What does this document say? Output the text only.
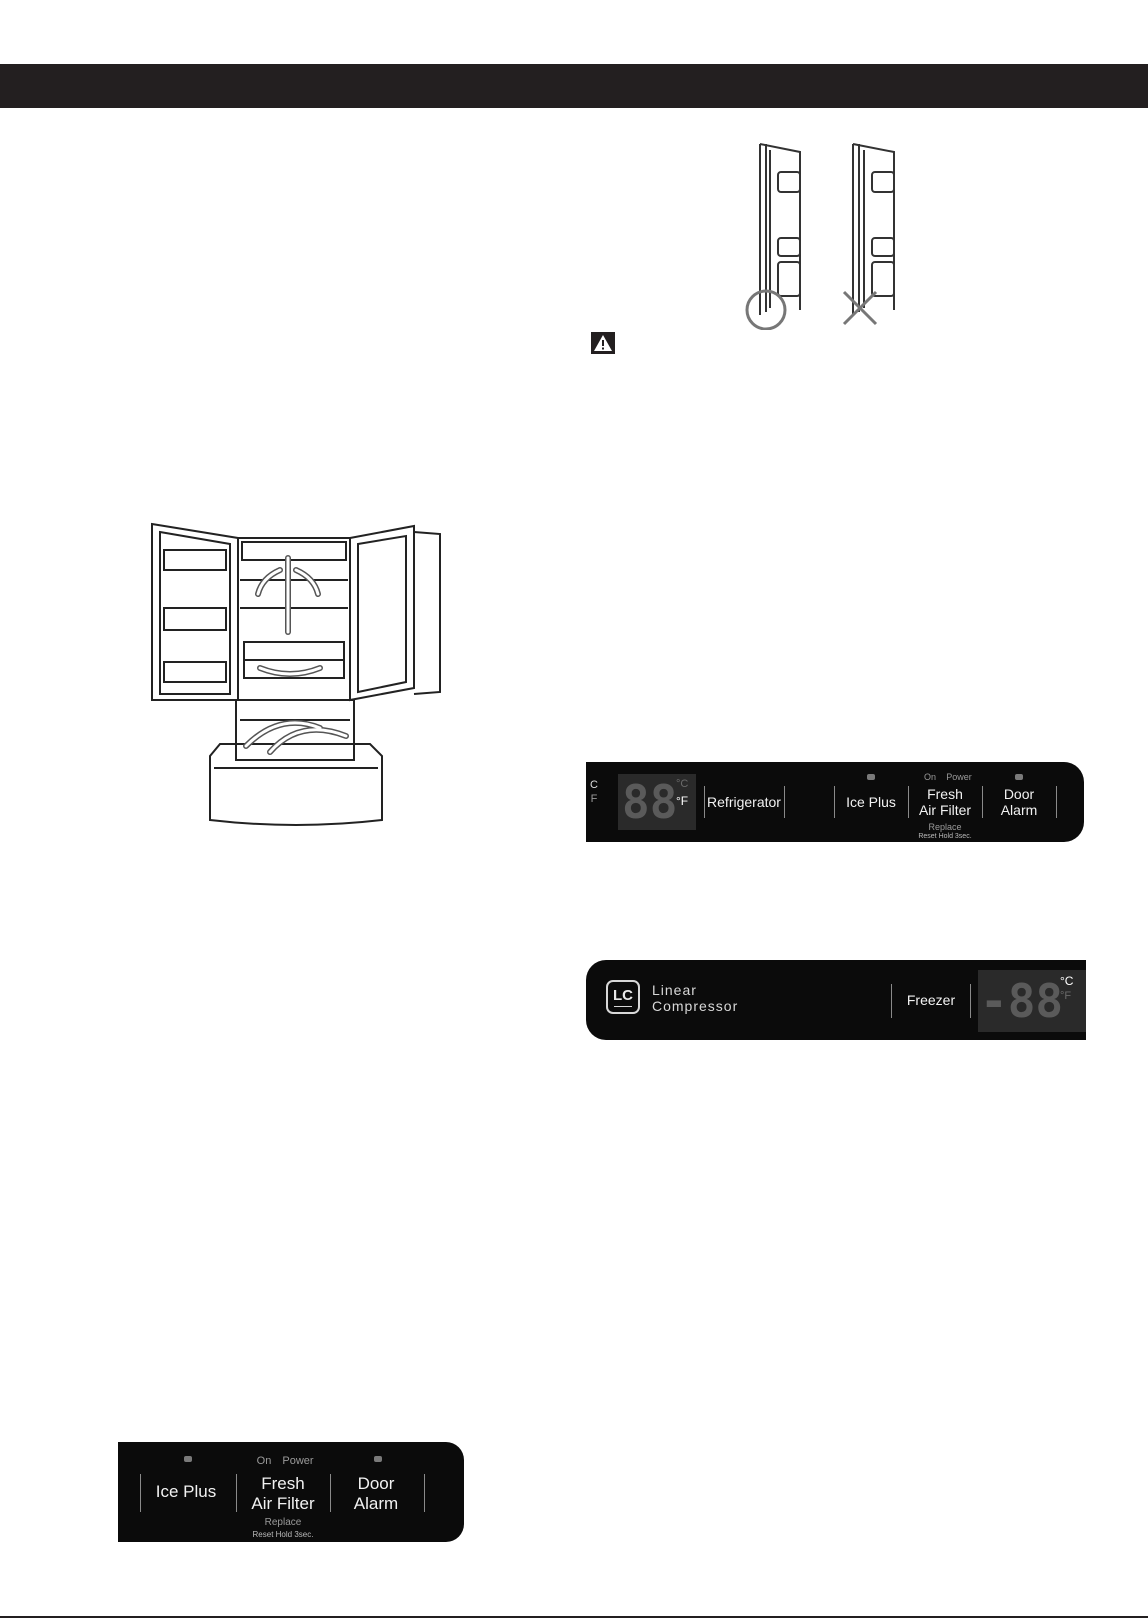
C
F 88
°C
°F Refrigerator	Ice Plus
On	Power
Fresh
Air Filter
Replace
Reset Hold 3sec.
Door
Alarm
LC	Linear
Compressor	Freezer -88
°C
°F
Ice Plus
On	Power
Fresh
Air Filter
Replace
Reset Hold 3sec.
Door
Alarm
